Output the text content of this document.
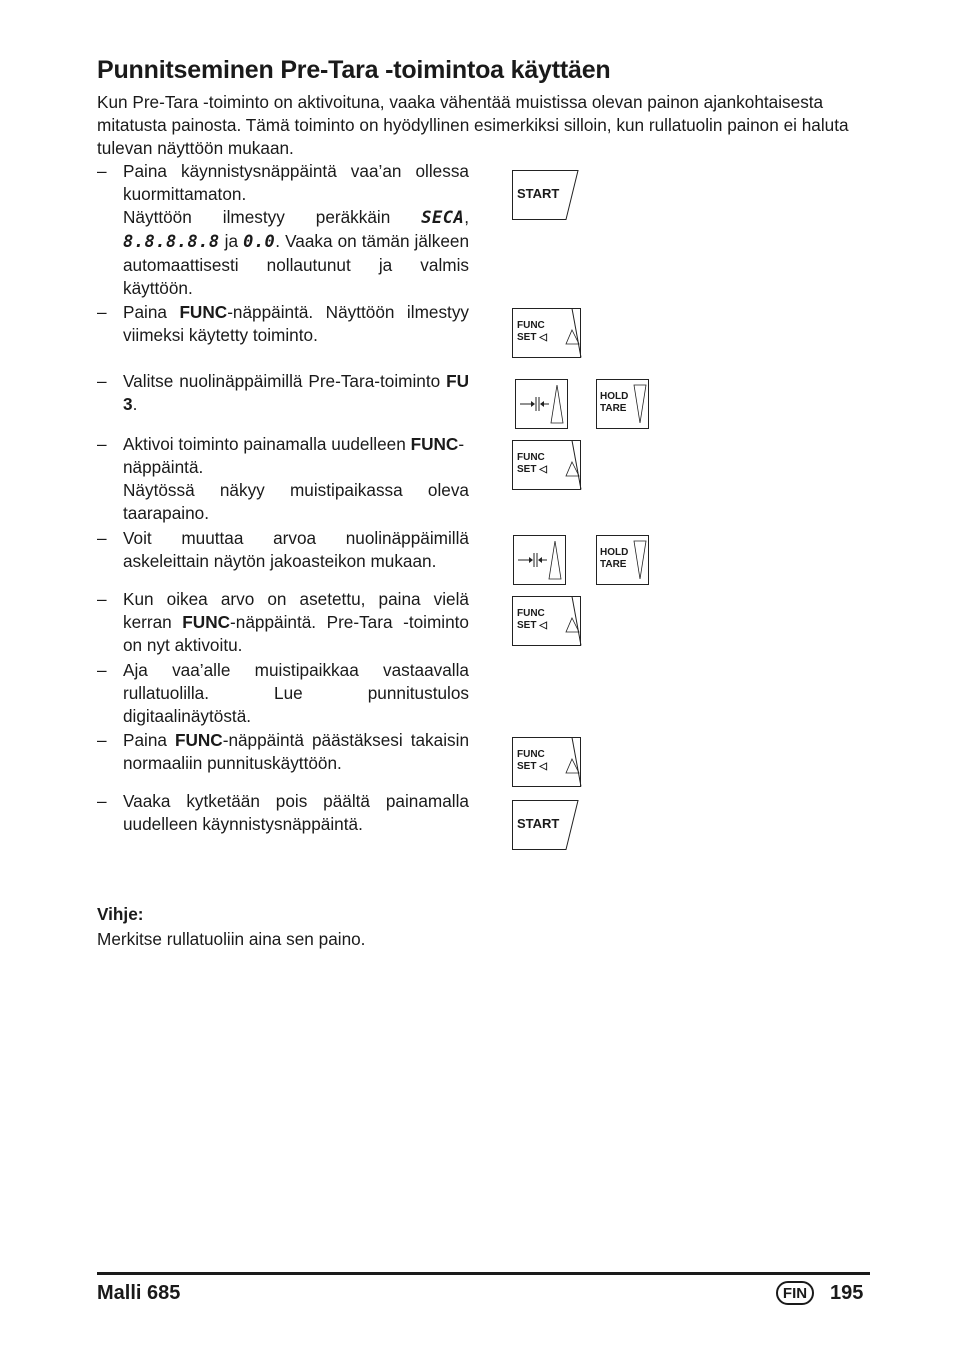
Punnitseminen Pre-Tara -toimintoa käyttäen
Kun Pre-Tara -toiminto on aktivoituna, vaaka vähentää muistissa olevan painon ajankohtaisesta mitatusta painosta. Tämä toiminto on hyödyllinen esimerkiksi silloin, kun rullatuolin painon ei haluta tulevan näyttöön mukaan.
– Paina käynnistysnäppäintä vaa’an ollessa kuormittamaton.

Näyttöön ilmestyy peräkkäin SECA, 8.8.8.8.8 ja 0.0. Vaaka on tämän jälkeen automaattisesti nollautunut ja valmis käyttöön.

– Paina FUNC-näppäintä. Näyttöön ilmestyy viimeksi käytetty toiminto.

– Valitse nuolinäppäimillä Pre-Tara-toiminto FU 3.

– Aktivoi toiminto painamalla uudelleen FUNC-näppäintä.

Näytössä näkyy muistipaikassa oleva taarapaino.

– Voit muuttaa arvoa nuolinäppäimillä askeleittain näytön jakoasteikon mukaan.

– Kun oikea arvo on asetettu, paina vielä kerran FUNC-näppäintä. Pre-Tara -toiminto on nyt aktivoitu.

– Aja vaa’alle muistipaikkaa vastaavalla rullatuolilla. Lue punnitustulos digitaalinäytöstä.

– Paina FUNC-näppäintä päästäksesi takaisin normaaliin punnituskäyttöön.

– Vaaka kytketään pois päältä painamalla uudelleen käynnistysnäppäintä.

START
FUNC
SET ◁
HOLD
TARE
FUNC
SET ◁
HOLD
TARE
FUNC
SET ◁
FUNC
SET ◁
START
Vihje:
Merkitse rullatuoliin aina sen paino.
Malli 685	FIN	195
